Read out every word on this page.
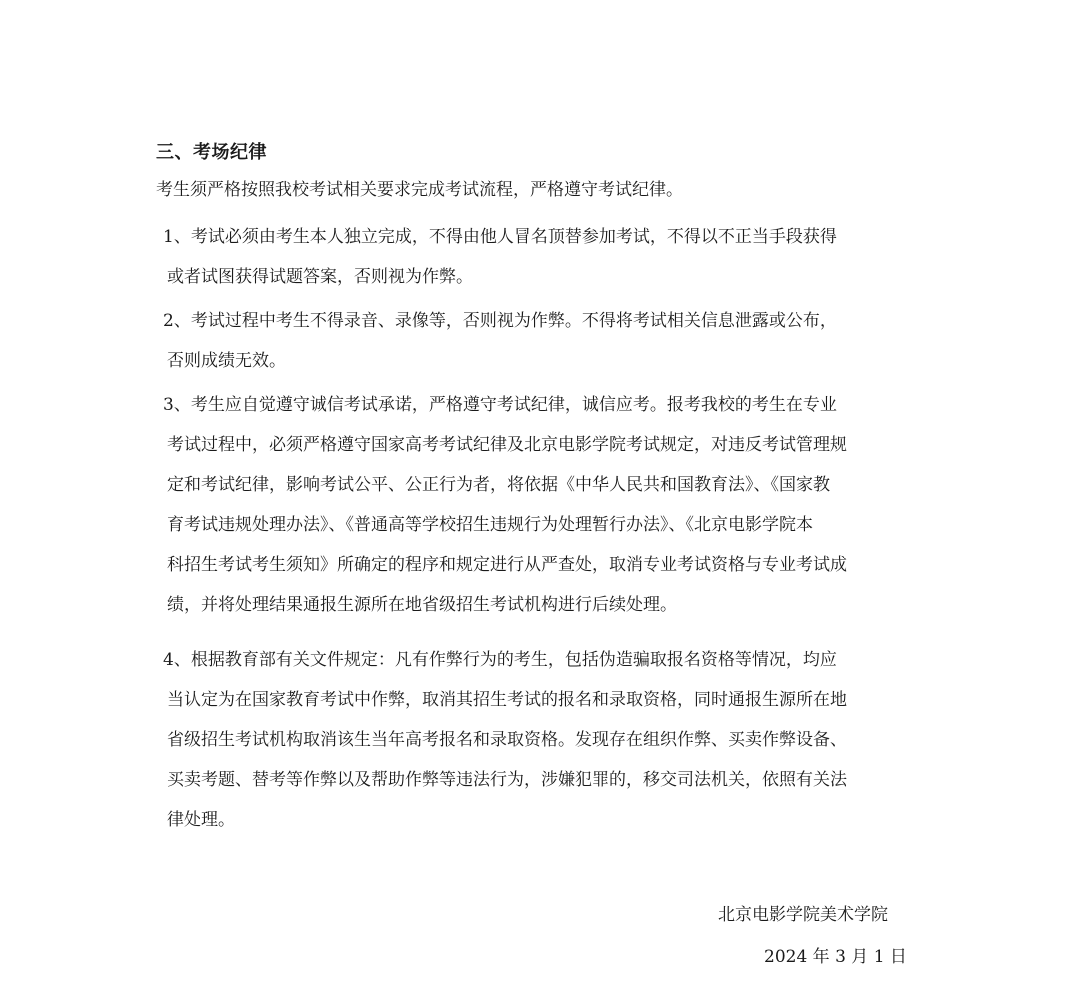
三、考场纪律
考生须严格按照我校考试相关要求完成考试流程，严格遵守考试纪律。
1、考试必须由考生本人独立完成，不得由他人冒名顶替参加考试，不得以不正当手段获得
或者试图获得试题答案，否则视为作弊。
2、考试过程中考生不得录音、录像等，否则视为作弊。不得将考试相关信息泄露或公布，
否则成绩无效。
3、考生应自觉遵守诚信考试承诺，严格遵守考试纪律，诚信应考。报考我校的考生在专业
考试过程中，必须严格遵守国家高考考试纪律及北京电影学院考试规定，对违反考试管理规
定和考试纪律，影响考试公平、公正行为者，将依据《中华人民共和国教育法》、《国家教
育考试违规处理办法》、《普通高等学校招生违规行为处理暂行办法》、《北京电影学院本
科招生考试考生须知》所确定的程序和规定进行从严查处，取消专业考试资格与专业考试成
绩，并将处理结果通报生源所在地省级招生考试机构进行后续处理。
4、根据教育部有关文件规定：凡有作弊行为的考生，包括伪造骗取报名资格等情况，均应
当认定为在国家教育考试中作弊，取消其招生考试的报名和录取资格，同时通报生源所在地
省级招生考试机构取消该生当年高考报名和录取资格。发现存在组织作弊、买卖作弊设备、
买卖考题、替考等作弊以及帮助作弊等违法行为，涉嫌犯罪的，移交司法机关，依照有关法
律处理。
北京电影学院美术学院
2024 年 3 月 1 日
